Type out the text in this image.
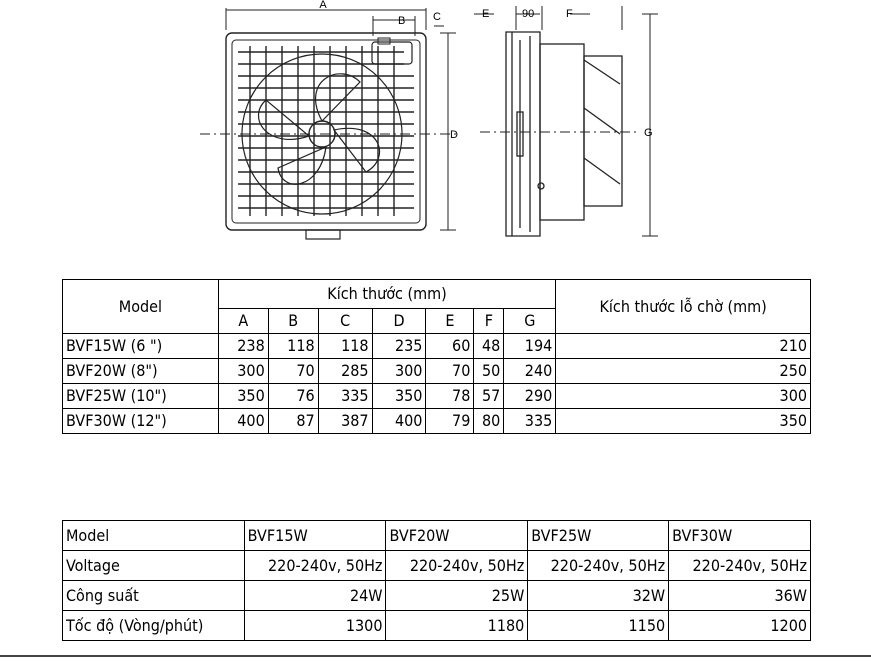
A
B	C
D
E	90	F
G
Model	Kích thước (mm)							Kích thước lỗ chờ (mm)
	A	B	C	D	E	F	G	
BVF15W (6 ")	238	118	118	235	60	48	194	210
BVF20W (8")	300	70	285	300	70	50	240	250
BVF25W (10")	350	76	335	350	78	57	290	300
BVF30W (12")	400	87	387	400	79	80	335	350
Model	BVF15W	BVF20W	BVF25W	BVF30W
Voltage	220-240v, 50Hz	220-240v, 50Hz	220-240v, 50Hz	220-240v, 50Hz
Công suất	24W	25W	32W	36W
Tốc độ (Vòng/phút)	1300	1180	1150	1200
